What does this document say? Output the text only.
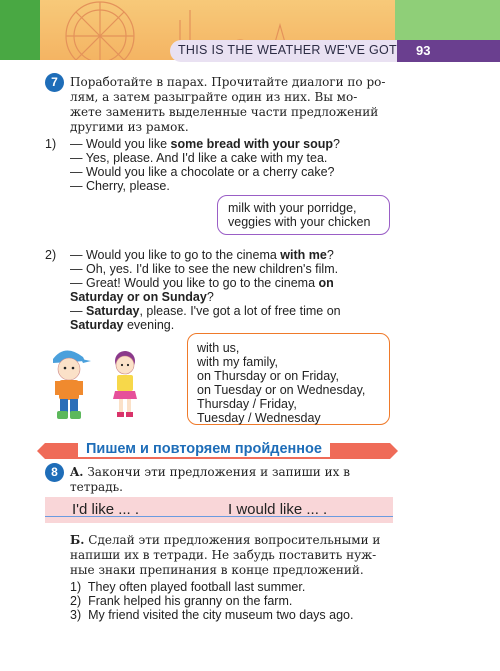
THIS IS THE WEATHER WE'VE GOT 93
7	Поработайте в парах. Прочитайте диалоги по ро-
лям, а затем разыграйте один из них. Вы мо-
жете заменить выделенные части предложений
другими из рамок.
1) — Would you like some bread with your soup?
— Yes, please. And I'd like a cake with my tea.
— Would you like a chocolate or a cherry cake?
— Cherry, please.
milk with your porridge,
veggies with your chicken
2) — Would you like to go to the cinema with me?
— Oh, yes. I'd like to see the new children's film.
— Great! Would you like to go to the cinema on
Saturday or on Sunday?
— Saturday, please. I've got a lot of free time on
Saturday evening.
with us,
with my family,
on Thursday or on Friday,
on Tuesday or on Wednesday,
Thursday / Friday,
Tuesday / Wednesday
Пишем и повторяем пройденное
8	A. Закончи эти предложения и запиши их в
тетрадь.
I'd like ... .	I would like ... .
Б. Сделай эти предложения вопросительными и
напиши их в тетради. Не забудь поставить нуж-
ные знаки препинания в конце предложений.
1) They often played football last summer.
2) Frank helped his granny on the farm.
3) My friend visited the city museum two days ago.
